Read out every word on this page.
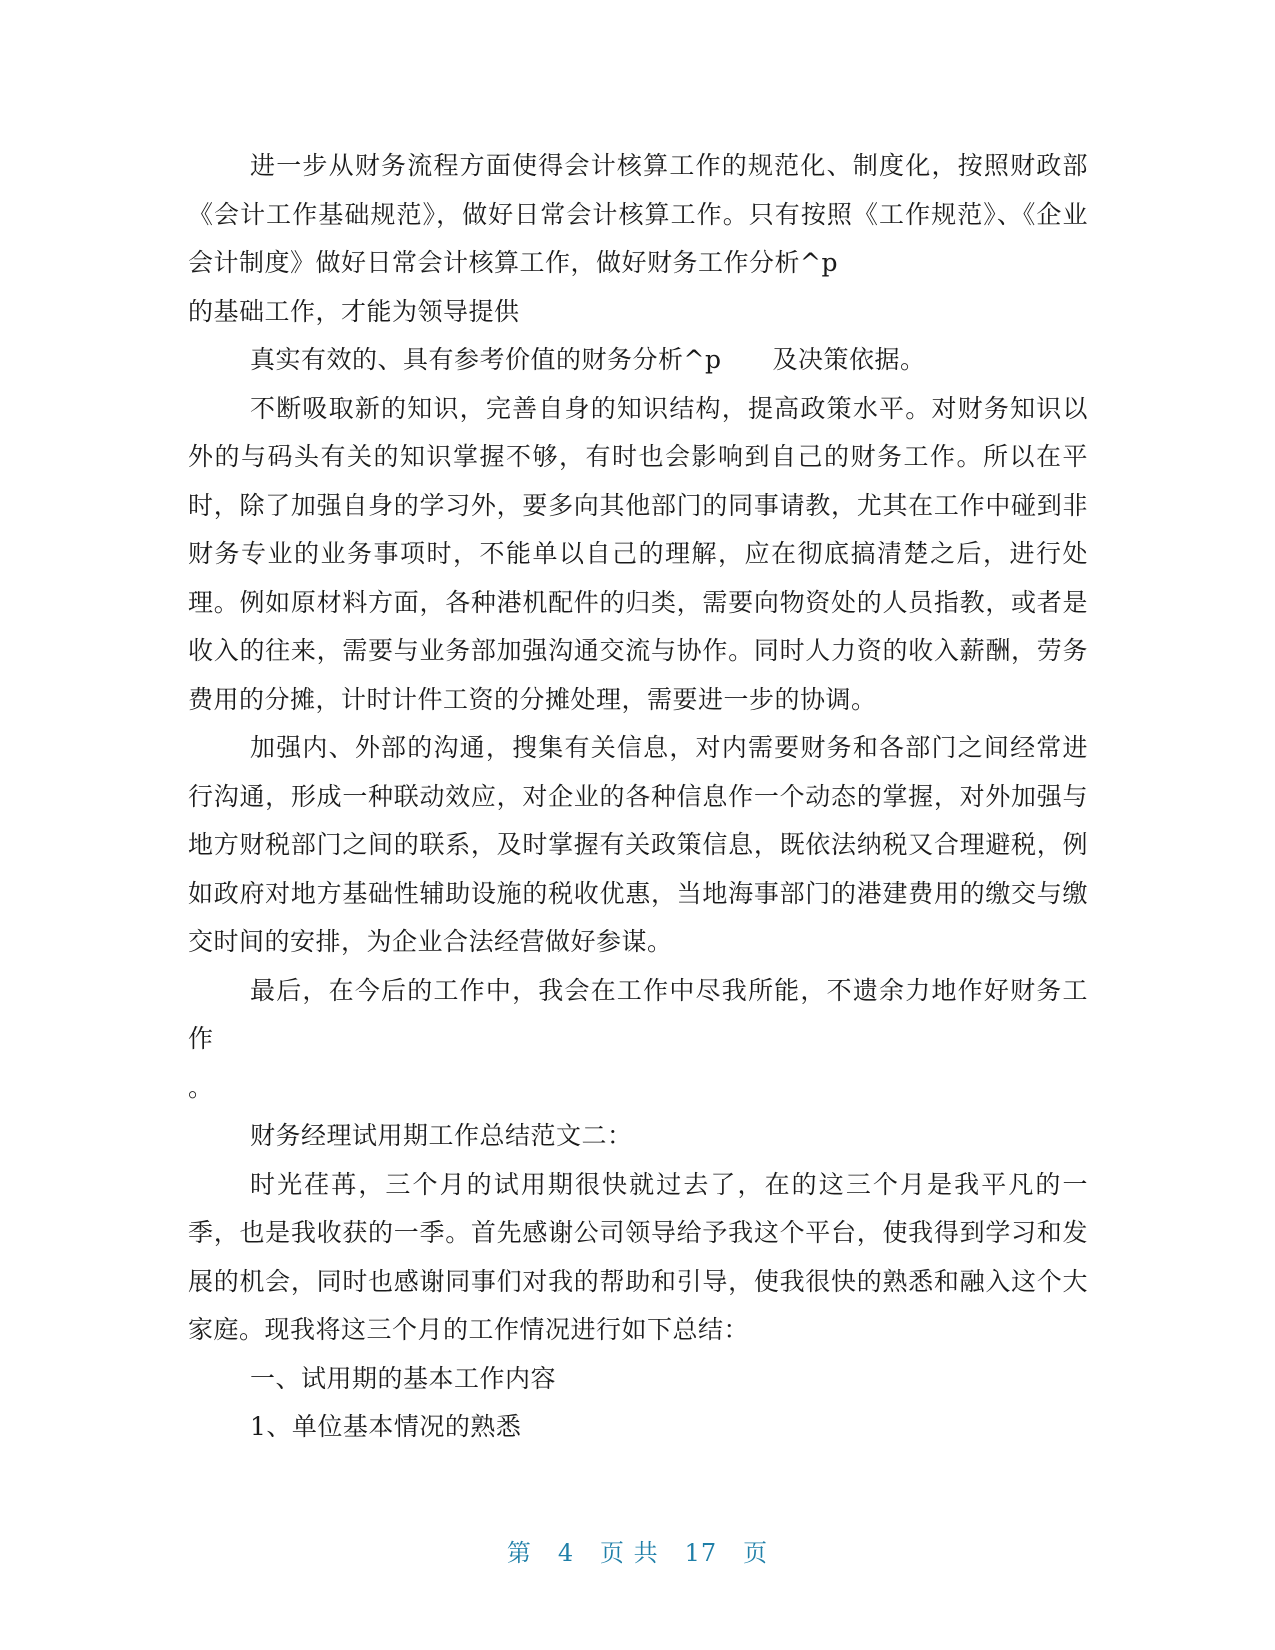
进一步从财务流程方面使得会计核算工作的规范化、制度化，按照财政部《会计工作基础规范》，做好日常会计核算工作。只有按照《工作规范》、《企业会计制度》做好日常会计核算工作，做好财务工作分析^p

的基础工作，才能为领导提供

真实有效的、具有参考价值的财务分析^p　　及决策依据。

不断吸取新的知识，完善自身的知识结构，提高政策水平。对财务知识以外的与码头有关的知识掌握不够，有时也会影响到自己的财务工作。所以在平时，除了加强自身的学习外，要多向其他部门的同事请教，尤其在工作中碰到非财务专业的业务事项时，不能单以自己的理解，应在彻底搞清楚之后，进行处理。例如原材料方面，各种港机配件的归类，需要向物资处的人员指教，或者是收入的往来，需要与业务部加强沟通交流与协作。同时人力资的收入薪酬，劳务费用的分摊，计时计件工资的分摊处理，需要进一步的协调。

加强内、外部的沟通，搜集有关信息，对内需要财务和各部门之间经常进行沟通，形成一种联动效应，对企业的各种信息作一个动态的掌握，对外加强与地方财税部门之间的联系，及时掌握有关政策信息，既依法纳税又合理避税，例如政府对地方基础性辅助设施的税收优惠，当地海事部门的港建费用的缴交与缴交时间的安排，为企业合法经营做好参谋。

最后，在今后的工作中，我会在工作中尽我所能，不遗余力地作好财务工作

。

财务经理试用期工作总结范文二：

时光荏苒，三个月的试用期很快就过去了，在的这三个月是我平凡的一季，也是我收获的一季。首先感谢公司领导给予我这个平台，使我得到学习和发展的机会，同时也感谢同事们对我的帮助和引导，使我很快的熟悉和融入这个大家庭。现我将这三个月的工作情况进行如下总结：

一、试用期的基本工作内容

1、单位基本情况的熟悉

第 4 页 共 17 页
